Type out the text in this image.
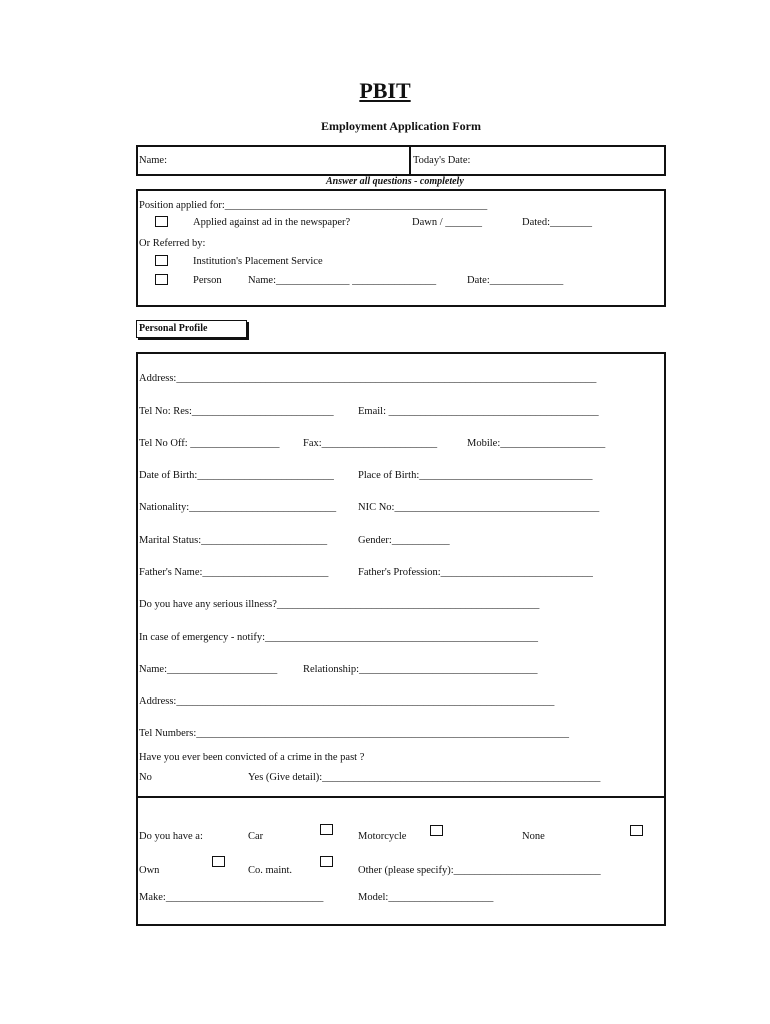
PBIT
Employment Application Form
Name:	Today's Date:
Answer all questions - completely
Position applied for:__________________________________________________
Applied against ad in the newspaper?	Dawn / _______	Dated:________
Or Referred by:
Institution's Placement Service
Person	Name:______________ ________________	Date:______________
Personal Profile
Address:________________________________________________________________________________
Tel No: Res:___________________________ Email: ________________________________________
Tel No Off: _________________ Fax:______________________	Mobile:____________________
Date of Birth:__________________________ Place of Birth:_________________________________
Nationality:____________________________ NIC No:_______________________________________
Marital Status:________________________	Gender:___________
Father's Name:________________________	Father's Profession:_____________________________
Do you have any serious illness?__________________________________________________
In case of emergency - notify:____________________________________________________
Name:_____________________ Relationship:__________________________________
Address:________________________________________________________________________
Tel Numbers:_______________________________________________________________________
Have you ever been convicted of a crime in the past ?
No	Yes (Give detail):_____________________________________________________
Do you have a:	Car	Motorcycle	None
Own	Co. maint.	Other (please specify):____________________________
Make:______________________________	Model:____________________
